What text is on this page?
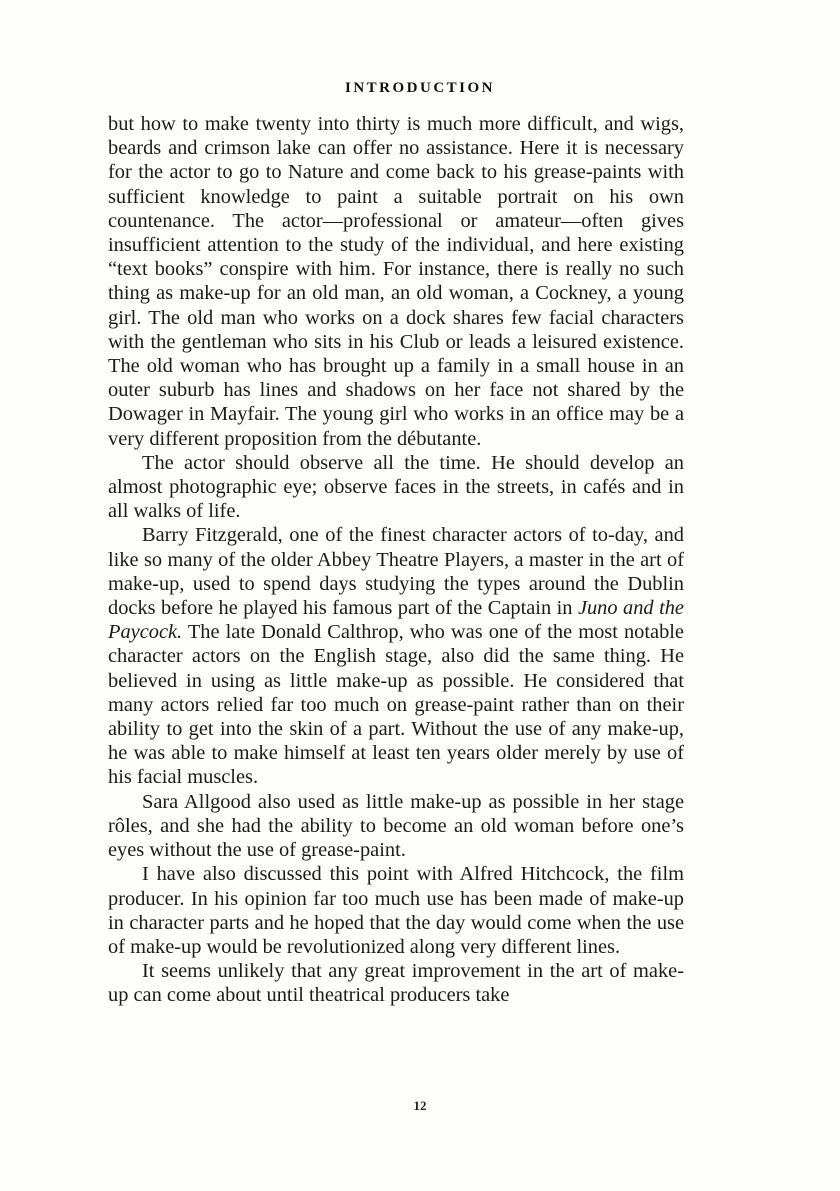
INTRODUCTION

but how to make twenty into thirty is much more difficult, and wigs, beards and crimson lake can offer no assistance. Here it is necessary for the actor to go to Nature and come back to his grease-paints with sufficient knowledge to paint a suitable portrait on his own countenance. The actor—professional or amateur—often gives insufficient attention to the study of the individual, and here existing “text books” conspire with him. For instance, there is really no such thing as make-up for an old man, an old woman, a Cockney, a young girl. The old man who works on a dock shares few facial characters with the gentleman who sits in his Club or leads a leisured existence. The old woman who has brought up a family in a small house in an outer suburb has lines and shadows on her face not shared by the Dowager in Mayfair. The young girl who works in an office may be a very different proposition from the débutante.

The actor should observe all the time. He should develop an almost photographic eye; observe faces in the streets, in cafés and in all walks of life.

Barry Fitzgerald, one of the finest character actors of to-day, and like so many of the older Abbey Theatre Players, a master in the art of make-up, used to spend days studying the types around the Dublin docks before he played his famous part of the Captain in Juno and the Paycock. The late Donald Calthrop, who was one of the most notable character actors on the English stage, also did the same thing. He believed in using as little make-up as possible. He considered that many actors relied far too much on grease-paint rather than on their ability to get into the skin of a part. Without the use of any make-up, he was able to make himself at least ten years older merely by use of his facial muscles.

Sara Allgood also used as little make-up as possible in her stage rôles, and she had the ability to become an old woman before one’s eyes without the use of grease-paint.

I have also discussed this point with Alfred Hitchcock, the film producer. In his opinion far too much use has been made of make-up in character parts and he hoped that the day would come when the use of make-up would be revolutionized along very different lines.

It seems unlikely that any great improvement in the art of make-up can come about until theatrical producers take

12
